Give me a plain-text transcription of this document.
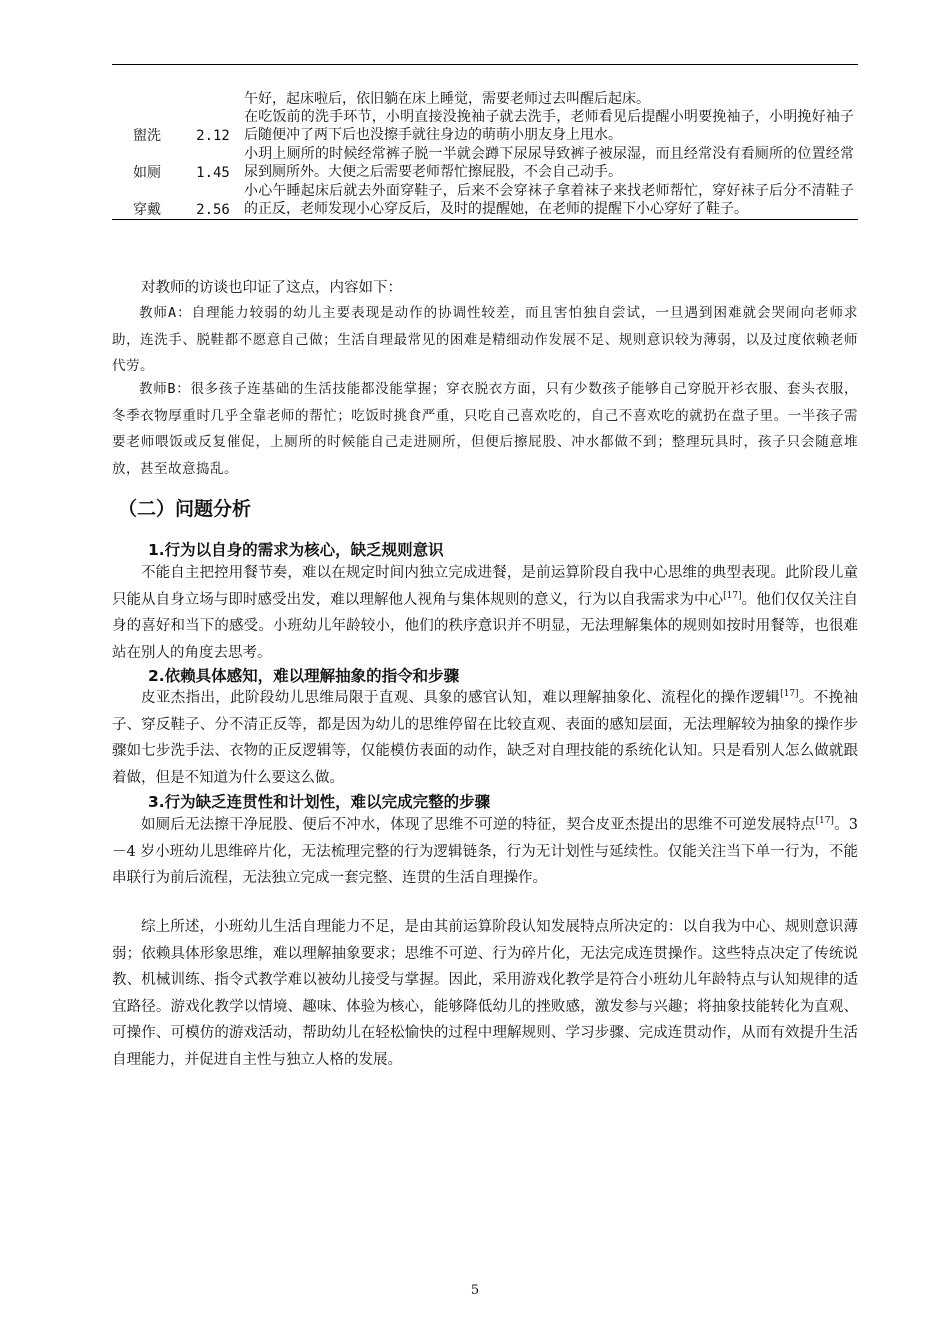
		午好，起床啦后，依旧躺在床上睡觉，需要老师过去叫醒后起床。
盥洗	2.12	在吃饭前的洗手环节，小明直接没挽袖子就去洗手，老师看见后提醒小明要挽袖子，小明挽好袖子后随便冲了两下后也没擦手就往身边的萌萌小朋友身上甩水。
如厕	1.45	小玥上厕所的时候经常裤子脱一半就会蹲下尿尿导致裤子被尿湿，而且经常没有看厕所的位置经常尿到厕所外。大便之后需要老师帮忙擦屁股，不会自己动手。
穿戴	2.56	小心午睡起床后就去外面穿鞋子，后来不会穿袜子拿着袜子来找老师帮忙，穿好袜子后分不清鞋子的正反，老师发现小心穿反后，及时的提醒她，在老师的提醒下小心穿好了鞋子。

对教师的访谈也印证了这点，内容如下：

教师A：自理能力较弱的幼儿主要表现是动作的协调性较差，而且害怕独自尝试，一旦遇到困难就会哭闹向老师求助，连洗手、脱鞋都不愿意自己做；生活自理最常见的困难是精细动作发展不足、规则意识较为薄弱，以及过度依赖老师代劳。

教师B：很多孩子连基础的生活技能都没能掌握；穿衣脱衣方面，只有少数孩子能够自己穿脱开衫衣服、套头衣服，冬季衣物厚重时几乎全靠老师的帮忙；吃饭时挑食严重，只吃自己喜欢吃的，自己不喜欢吃的就扔在盘子里。一半孩子需要老师喂饭或反复催促，上厕所的时候能自己走进厕所，但便后擦屁股、冲水都做不到；整理玩具时，孩子只会随意堆放，甚至故意捣乱。

（二）问题分析
1.行为以自身的需求为核心，缺乏规则意识

不能自主把控用餐节奏，难以在规定时间内独立完成进餐，是前运算阶段自我中心思维的典型表现。此阶段儿童只能从自身立场与即时感受出发，难以理解他人视角与集体规则的意义，行为以自我需求为中心[17]。他们仅仅关注自身的喜好和当下的感受。小班幼儿年龄较小，他们的秩序意识并不明显，无法理解集体的规则如按时用餐等，也很难站在别人的角度去思考。

2.依赖具体感知，难以理解抽象的指令和步骤

皮亚杰指出，此阶段幼儿思维局限于直观、具象的感官认知，难以理解抽象化、流程化的操作逻辑[17]。不挽袖子、穿反鞋子、分不清正反等，都是因为幼儿的思维停留在比较直观、表面的感知层面，无法理解较为抽象的操作步骤如七步洗手法、衣物的正反逻辑等，仅能模仿表面的动作，缺乏对自理技能的系统化认知。只是看别人怎么做就跟着做，但是不知道为什么要这么做。

3.行为缺乏连贯性和计划性，难以完成完整的步骤

如厕后无法擦干净屁股、便后不冲水，体现了思维不可逆的特征，契合皮亚杰提出的思维不可逆发展特点[17]。3－4 岁小班幼儿思维碎片化，无法梳理完整的行为逻辑链条，行为无计划性与延续性。仅能关注当下单一行为，不能串联行为前后流程，无法独立完成一套完整、连贯的生活自理操作。

综上所述，小班幼儿生活自理能力不足，是由其前运算阶段认知发展特点所决定的：以自我为中心、规则意识薄弱；依赖具体形象思维，难以理解抽象要求；思维不可逆、行为碎片化，无法完成连贯操作。这些特点决定了传统说教、机械训练、指令式教学难以被幼儿接受与掌握。因此，采用游戏化教学是符合小班幼儿年龄特点与认知规律的适宜路径。游戏化教学以情境、趣味、体验为核心，能够降低幼儿的挫败感，激发参与兴趣；将抽象技能转化为直观、可操作、可模仿的游戏活动，帮助幼儿在轻松愉快的过程中理解规则、学习步骤、完成连贯动作，从而有效提升生活自理能力，并促进自主性与独立人格的发展。

5
